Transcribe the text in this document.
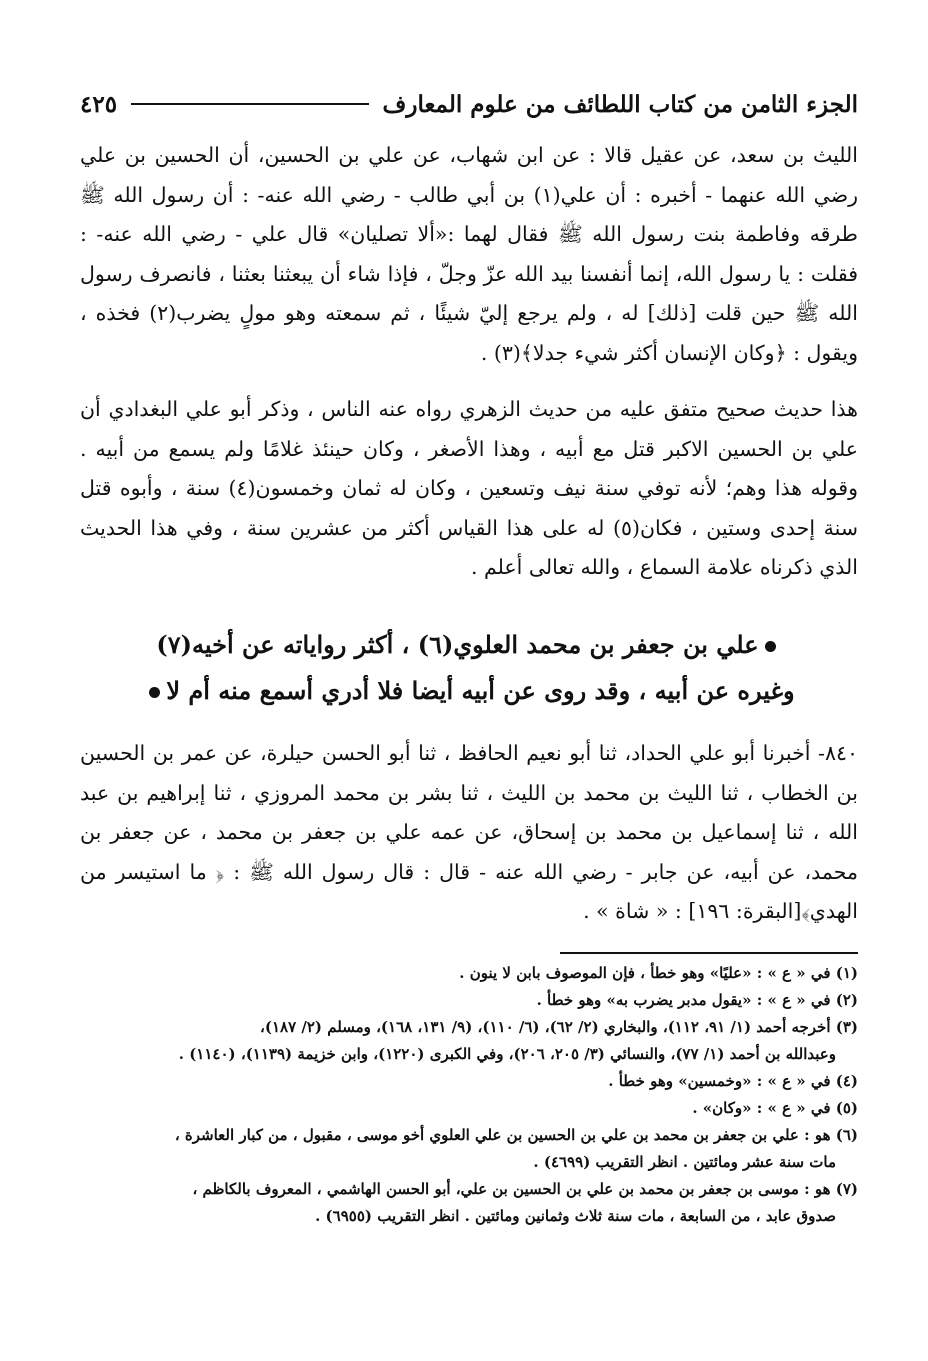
الجزء الثامن من كتاب اللطائف من علوم المعارف
٤٢٥

الليث بن سعد، عن عقيل قالا : عن ابن شهاب، عن علي بن الحسين، أن الحسين بن علي رضي الله عنهما - أخبره : أن علي(١) بن أبي طالب - رضي الله عنه- : أن رسول الله ﷺ طرقه وفاطمة بنت رسول الله ﷺ فقال لهما :«ألا تصليان» قال علي - رضي الله عنه- : فقلت : يا رسول الله، إنما أنفسنا بيد الله عزّ وجلّ ، فإذا شاء أن يبعثنا بعثنا ، فانصرف رسول الله ﷺ حين قلت [ذلك] له ، ولم يرجع إليّ شيئًا ، ثم سمعته وهو مولٍ يضرب(٢) فخذه ، ويقول : ﴿وكان الإنسان أكثر شيء جدلا﴾(٣) .

هذا حديث صحيح متفق عليه من حديث الزهري رواه عنه الناس ، وذكر أبو علي البغدادي أن علي بن الحسين الاكبر قتل مع أبيه ، وهذا الأصغر ، وكان حينئذ غلامًا ولم يسمع من أبيه . وقوله هذا وهم؛ لأنه توفي سنة نيف وتسعين ، وكان له ثمان وخمسون(٤) سنة ، وأبوه قتل سنة إحدى وستين ، فكان(٥) له على هذا القياس أكثر من عشرين سنة ، وفي هذا الحديث الذي ذكرناه علامة السماع ، والله تعالى أعلم .

علي بن جعفر بن محمد العلوي(٦) ، أكثر رواياته عن أخيه(٧)

وغيره عن أبيه ، وقد روى عن أبيه أيضا فلا أدري أسمع منه أم لا

٨٤٠- أخبرنا أبو علي الحداد، ثنا أبو نعيم الحافظ ، ثنا أبو الحسن حيلرة، عن عمر بن الحسين بن الخطاب ، ثنا الليث بن محمد بن الليث ، ثنا بشر بن محمد المروزي ، ثنا إبراهيم بن عبد الله ، ثنا إسماعيل بن محمد بن إسحاق، عن عمه علي بن جعفر بن محمد ، عن جعفر بن محمد، عن أبيه، عن جابر - رضي الله عنه - قال : قال رسول الله ﷺ : ﴿ ما استيسر من الهدي﴾[البقرة: ١٩٦] : « شاة » .

(١) في « ع » : «عليًا» وهو خطأ ، فإن الموصوف بابن لا ينون .

(٢) في « ع » : «يقول مدبر يضرب به» وهو خطأ .

(٣) أخرجه أحمد (١/ ٩١، ١١٢)، والبخاري (٢/ ٦٢)، (٦/ ١١٠)، (٩/ ١٣١، ١٦٨)، ومسلم (٢/ ١٨٧)،
وعبدالله بن أحمد (١/ ٧٧)، والنسائي (٣/ ٢٠٥، ٢٠٦)، وفي الكبرى (١٢٢٠)، وابن خزيمة (١١٣٩)، (١١٤٠) .

(٤) في « ع » : «وخمسين» وهو خطأ .

(٥) في « ع » : «وكان» .

(٦) هو : علي بن جعفر بن محمد بن علي بن الحسين بن علي العلوي أخو موسى ، مقبول ، من كبار العاشرة ،
مات سنة عشر ومائتين . انظر التقريب (٤٦٩٩) .

(٧) هو : موسى بن جعفر بن محمد بن علي بن الحسين بن علي، أبو الحسن الهاشمي ، المعروف بالكاظم ،
صدوق عابد ، من السابعة ، مات سنة ثلاث وثمانين ومائتين . انظر التقريب (٦٩٥٥) .
